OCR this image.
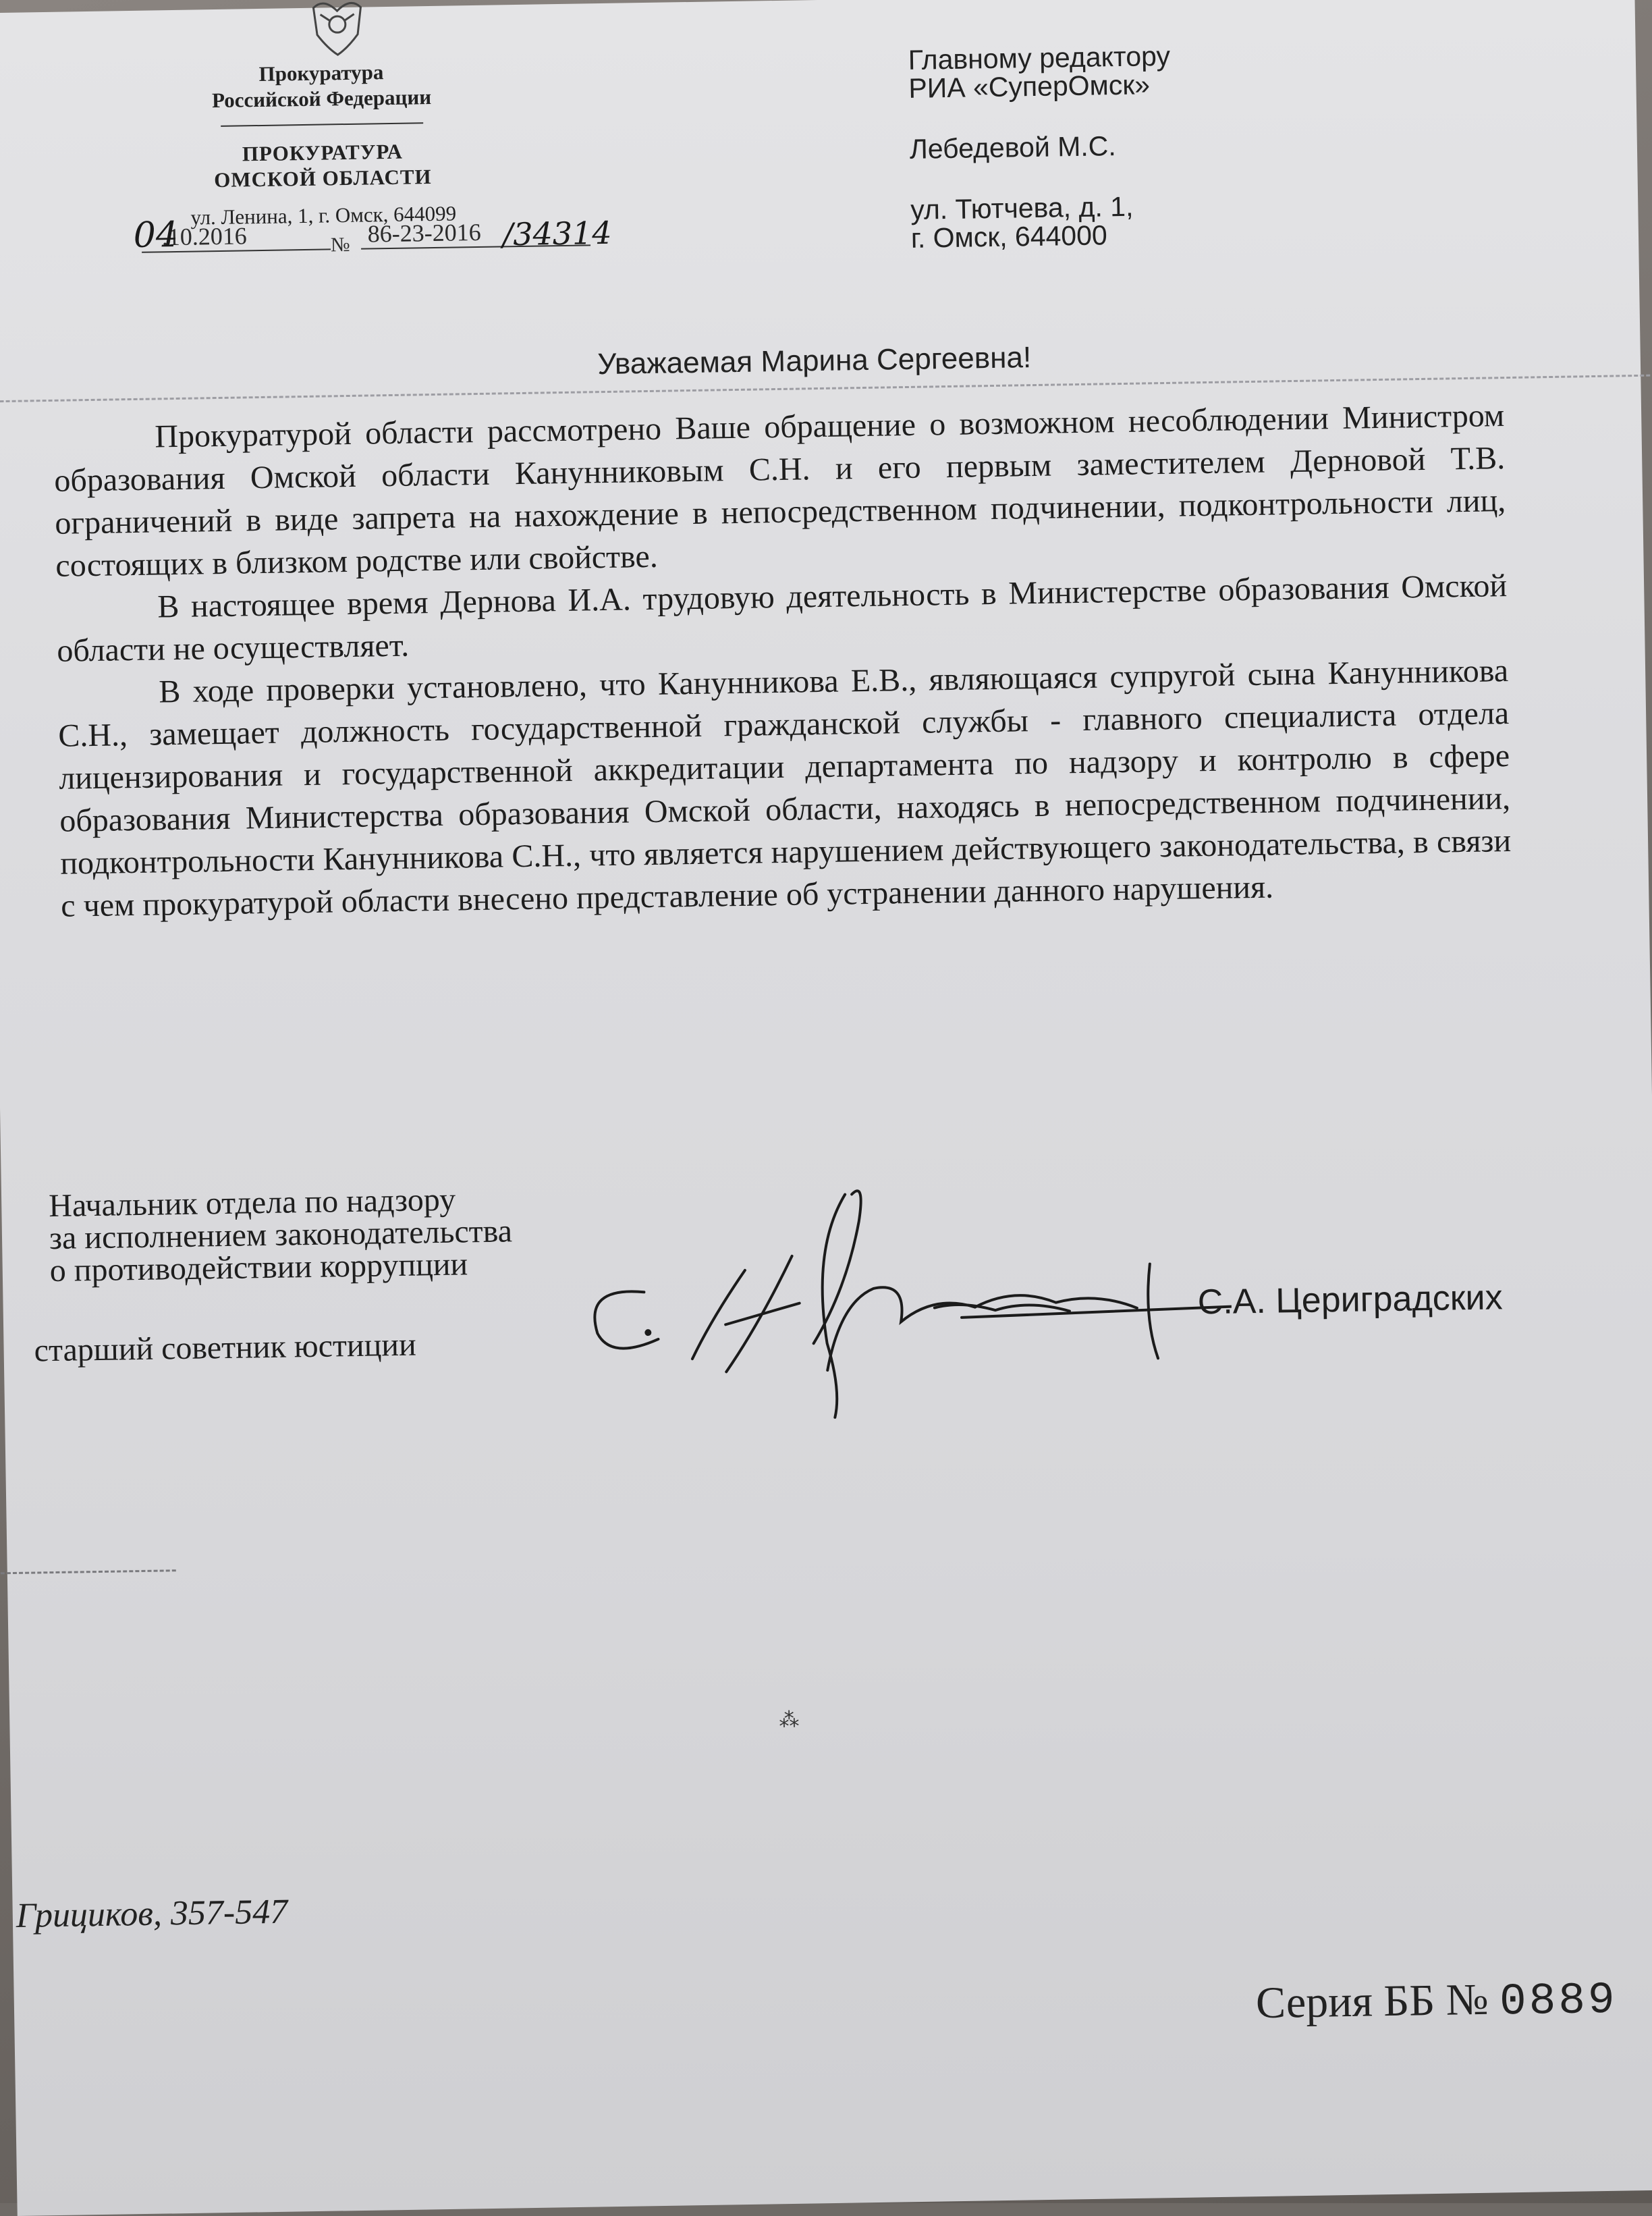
Прокуратура
Российской Федерации
ПРОКУРАТУРА
ОМСКОЙ ОБЛАСТИ
ул. Ленина, 1, г. Омск, 644099
.10.2016
04	№ 86-23-2016 /34314
Главному редактору
РИА «СуперОмск»
Лебедевой М.С.
ул. Тютчева, д. 1,
г. Омск, 644000
Уважаемая Марина Сергеевна!

Прокуратурой области рассмотрено Ваше обращение о возможном несоблюдении Министром образования Омской области Канунниковым С.Н. и его первым заместителем Дерновой Т.В. ограничений в виде запрета на нахождение в непосредственном подчинении, подконтрольности лиц, состоящих в близком родстве или свойстве.

В настоящее время Дернова И.А. трудовую деятельность в Министерстве образования Омской области не осуществляет.

В ходе проверки установлено, что Канунникова Е.В., являющаяся супругой сына Канунникова С.Н., замещает должность государственной гражданской службы - главного специалиста отдела лицензирования и государственной аккредитации департамента по надзору и контролю в сфере образования Министерства образования Омской области, находясь в непосредственном подчинении, подконтрольности Канунникова С.Н., что является нарушением действующего законодательства, в связи с чем прокуратурой области внесено представление об устранении данного нарушения.

Начальник отдела по надзору
за исполнением законодательства
о противодействии коррупции
старший советник юстиции
С.А. Цериградских
⁂
Грициков, 357-547
Серия ББ № 0889
